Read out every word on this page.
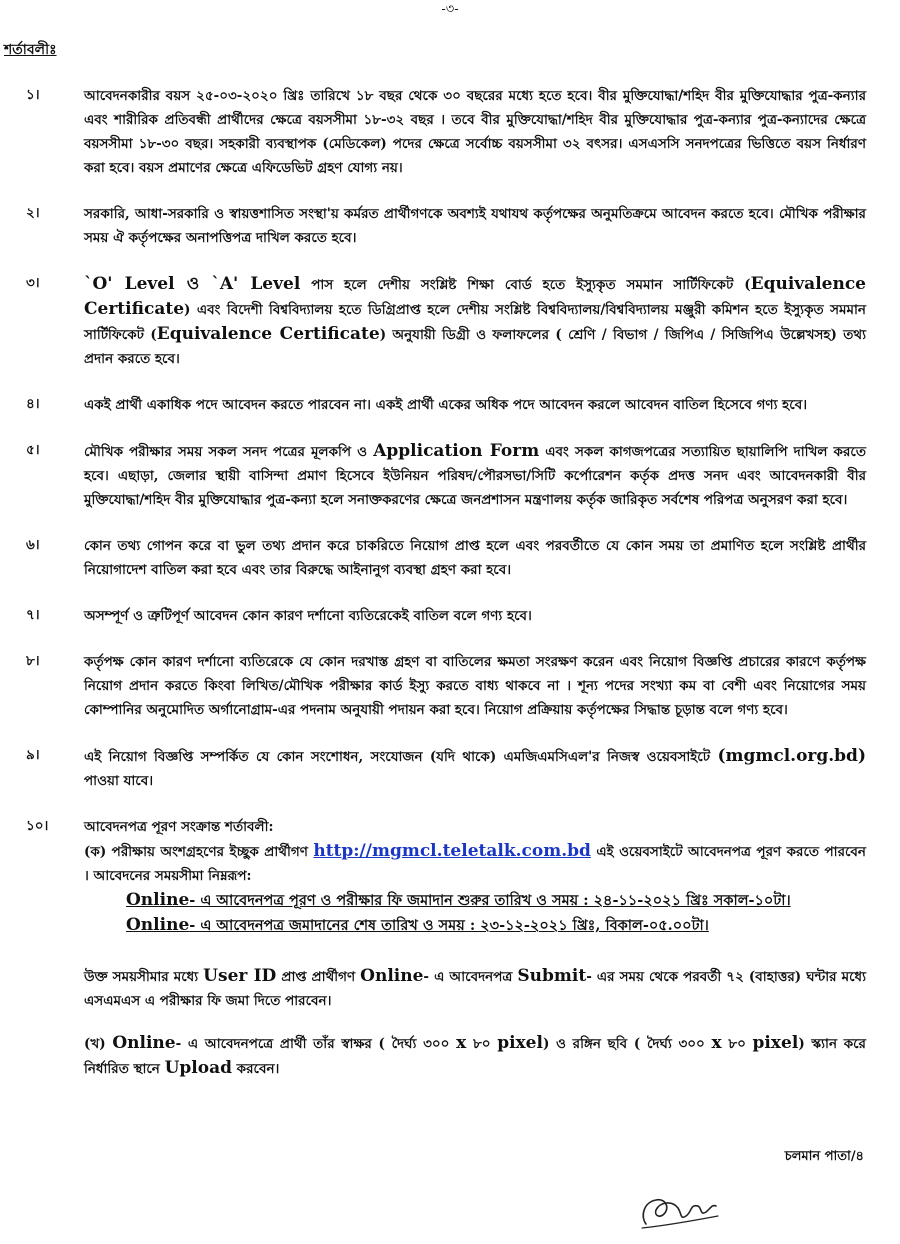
-৩-
শর্তাবলীঃ
১।	আবেদনকারীর বয়স ২৫-০৩-২০২০ খ্রিঃ তারিখে ১৮ বছর থেকে ৩০ বছরের মধ্যে হতে হবে। বীর মুক্তিযোদ্ধা/শহিদ বীর মুক্তিযোদ্ধার পুত্র-কন্যার এবং শারীরিক প্রতিবন্ধী প্রার্থীদের ক্ষেত্রে বয়সসীমা ১৮-৩২ বছর । তবে বীর মুক্তিযোদ্ধা/শহিদ বীর মুক্তিযোদ্ধার পুত্র-কন্যার পুত্র-কন্যাদের ক্ষেত্রে বয়সসীমা ১৮-৩০ বছর। সহকারী ব্যবস্থাপক (মেডিকেল) পদের ক্ষেত্রে সর্বোচ্চ বয়সসীমা ৩২ বৎসর। এসএসসি সনদপত্রের ভিত্তিতে বয়স নির্ধারণ করা হবে। বয়স প্রমাণের ক্ষেত্রে এফিডেভিট গ্রহণ যোগ্য নয়।
২।	সরকারি, আধা-সরকারি ও স্বায়ত্তশাসিত সংস্থা'য় কর্মরত প্রার্থীগণকে অবশ্যই যথাযথ কর্তৃপক্ষের অনুমতিক্রমে আবেদন করতে হবে। মৌখিক পরীক্ষার সময় ঐ কর্তৃপক্ষের অনাপত্তিপত্র দাখিল করতে হবে।
৩।	`O' Level ও `A' Level পাস হলে দেশীয় সংশ্লিষ্ট শিক্ষা বোর্ড হতে ইস্যুকৃত সমমান সার্টিফিকেট (Equivalence Certificate) এবং বিদেশী বিশ্ববিদ্যালয় হতে ডিগ্রিপ্রাপ্ত হলে দেশীয় সংশ্লিষ্ট বিশ্ববিদ্যালয়/বিশ্ববিদ্যালয় মঞ্জুরী কমিশন হতে ইস্যুকৃত সমমান সার্টিফিকেট (Equivalence Certificate) অনুযায়ী ডিগ্রী ও ফলাফলের ( শ্রেণি / বিভাগ / জিপিএ / সিজিপিএ উল্লেখসহ) তথ্য প্রদান করতে হবে।
৪।	একই প্রার্থী একাধিক পদে আবেদন করতে পারবেন না। একই প্রার্থী একের অধিক পদে আবেদন করলে আবেদন বাতিল হিসেবে গণ্য হবে।
৫।	মৌখিক পরীক্ষার সময় সকল সনদ পত্রের মূলকপি ও Application Form এবং সকল কাগজপত্রের সত্যায়িত ছায়ালিপি দাখিল করতে হবে। এছাড়া, জেলার স্থায়ী বাসিন্দা প্রমাণ হিসেবে ইউনিয়ন পরিষদ/পৌরসভা/সিটি কর্পোরেশন কর্তৃক প্রদত্ত সনদ এবং আবেদনকারী বীর মুক্তিযোদ্ধা/শহিদ বীর মুক্তিযোদ্ধার পুত্র-কন্যা হলে সনাক্তকরণের ক্ষেত্রে জনপ্রশাসন মন্ত্রণালয় কর্তৃক জারিকৃত সর্বশেষ পরিপত্র অনুসরণ করা হবে।
৬।	কোন তথ্য গোপন করে বা ভুল তথ্য প্রদান করে চাকরিতে নিয়োগ প্রাপ্ত হলে এবং পরবর্তীতে যে কোন সময় তা প্রমাণিত হলে সংশ্লিষ্ট প্রার্থীর নিয়োগাদেশ বাতিল করা হবে এবং তার বিরুদ্ধে আইনানুগ ব্যবস্থা গ্রহণ করা হবে।
৭।	অসম্পূর্ণ ও ত্রুটিপূর্ণ আবেদন কোন কারণ দর্শানো ব্যতিরেকেই বাতিল বলে গণ্য হবে।
৮।	কর্তৃপক্ষ কোন কারণ দর্শানো ব্যতিরেকে যে কোন দরখাস্ত গ্রহণ বা বাতিলের ক্ষমতা সংরক্ষণ করেন এবং নিয়োগ বিজ্ঞপ্তি প্রচারের কারণে কর্তৃপক্ষ নিয়োগ প্রদান করতে কিংবা লিখিত/মৌখিক পরীক্ষার কার্ড ইস্যু করতে বাধ্য থাকবে না । শূন্য পদের সংখ্যা কম বা বেশী এবং নিয়োগের সময় কোম্পানির অনুমোদিত অর্গানোগ্রাম-এর পদনাম অনুযায়ী পদায়ন করা হবে। নিয়োগ প্রক্রিয়ায় কর্তৃপক্ষের সিদ্ধান্ত চূড়ান্ত বলে গণ্য হবে।
৯।	এই নিয়োগ বিজ্ঞপ্তি সম্পর্কিত যে কোন সংশোধন, সংযোজন (যদি থাকে) এমজিএমসিএল'র নিজস্ব ওয়েবসাইটে (mgmcl.org.bd) পাওয়া যাবে।
১০।	আবেদনপত্র পূরণ সংক্রান্ত শর্তাবলী:
(ক) পরীক্ষায় অংশগ্রহণের ইচ্ছুক প্রার্থীগণ http://mgmcl.teletalk.com.bd এই ওয়েবসাইটে আবেদনপত্র পূরণ করতে পারবেন । আবেদনের সময়সীমা নিম্নরূপ:
Online- এ আবেদনপত্র পূরণ ও পরীক্ষার ফি জমাদান শুরুর তারিখ ও সময় : ২৪-১১-২০২১ খ্রিঃ সকাল-১০টা।
Online- এ আবেদনপত্র জমাদানের শেষ তারিখ ও সময় : ২৩-১২-২০২১ খ্রিঃ, বিকাল-০৫.০০টা।
উক্ত সময়সীমার মধ্যে User ID প্রাপ্ত প্রার্থীগণ Online- এ আবেদনপত্র Submit- এর সময় থেকে পরবর্তী ৭২ (বাহাত্তর) ঘন্টার মধ্যে এসএমএস এ পরীক্ষার ফি জমা দিতে পারবেন।
(খ) Online- এ আবেদনপত্রে প্রার্থী তাঁর স্বাক্ষর ( দৈর্ঘ্য ৩০০ x ৮০ pixel) ও রঙ্গিন ছবি ( দৈর্ঘ্য ৩০০ x ৮০ pixel) স্ক্যান করে নির্ধারিত স্থানে Upload করবেন।
চলমান পাতা/৪
